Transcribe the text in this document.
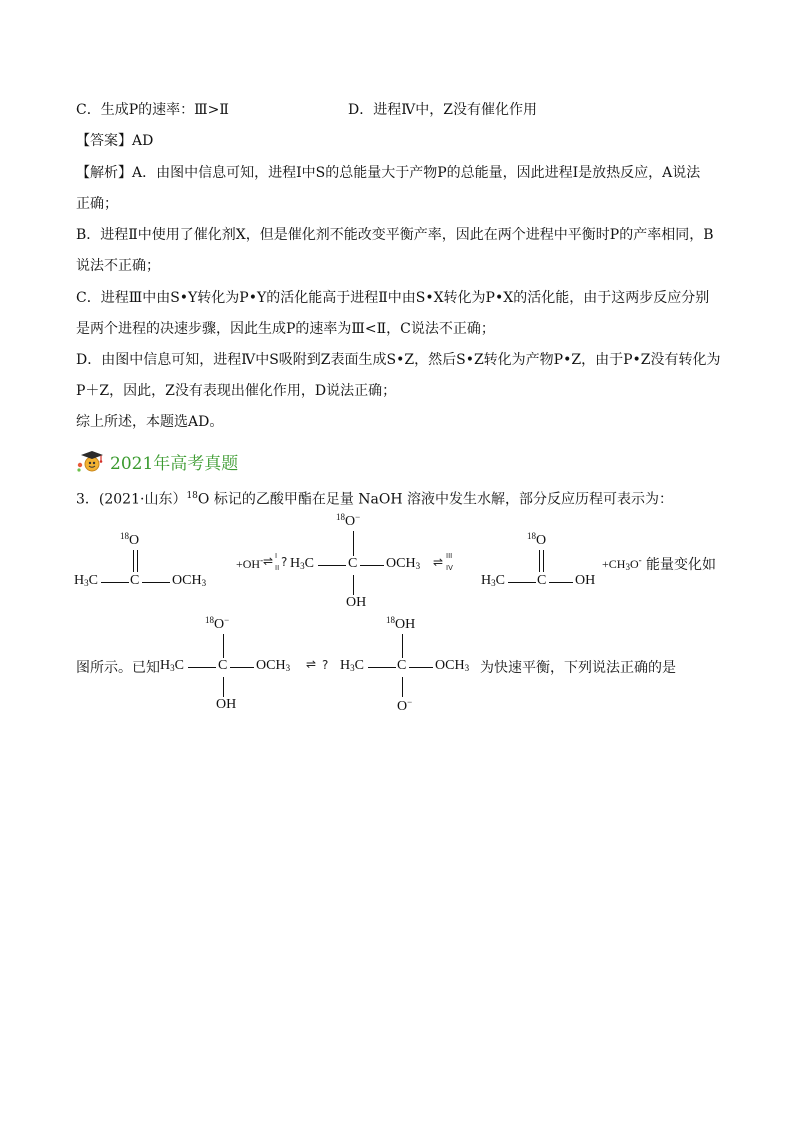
C．生成P的速率：Ⅲ>Ⅱ	D．进程Ⅳ中，Z没有催化作用
【答案】AD
【解析】A．由图中信息可知，进程Ⅰ中S的总能量大于产物P的总能量，因此进程Ⅰ是放热反应，A说法
正确；
B．进程Ⅱ中使用了催化剂X，但是催化剂不能改变平衡产率，因此在两个进程中平衡时P的产率相同，B
说法不正确；
C．进程Ⅲ中由S•Y转化为P•Y的活化能高于进程Ⅱ中由S•X转化为P•X的活化能，由于这两步反应分别
是两个进程的决速步骤，因此生成P的速率为Ⅲ<Ⅱ，C说法不正确；
D．由图中信息可知，进程Ⅳ中S吸附到Z表面生成S•Z，然后S•Z转化为产物P•Z，由于P•Z没有转化为
P＋Z，因此，Z没有表现出催化作用，D说法正确；
综上所述，本题选AD。
2021年高考真题
3．(2021·山东）$^{18}$O 标记的乙酸甲酯在足量 NaOH 溶液中发生水解，部分反应历程可表示为：
$^{18}$O
$H_3C$ C $OCH_3$
+OH- ⇌ I
II ?
$^{18}$O−
$H_3C$ C $OCH_3$
OH
⇌ III
IV
$^{18}$O
$H_3C$ C OH
$+CH_3O^-$ 能量变化如
图所示。已知
$^{18}$O−
$H_3C$ C $OCH_3$
OH
⇌ ?
$^{18}$OH
$H_3C$ C $OCH_3$
O−
为快速平衡，下列说法正确的是
